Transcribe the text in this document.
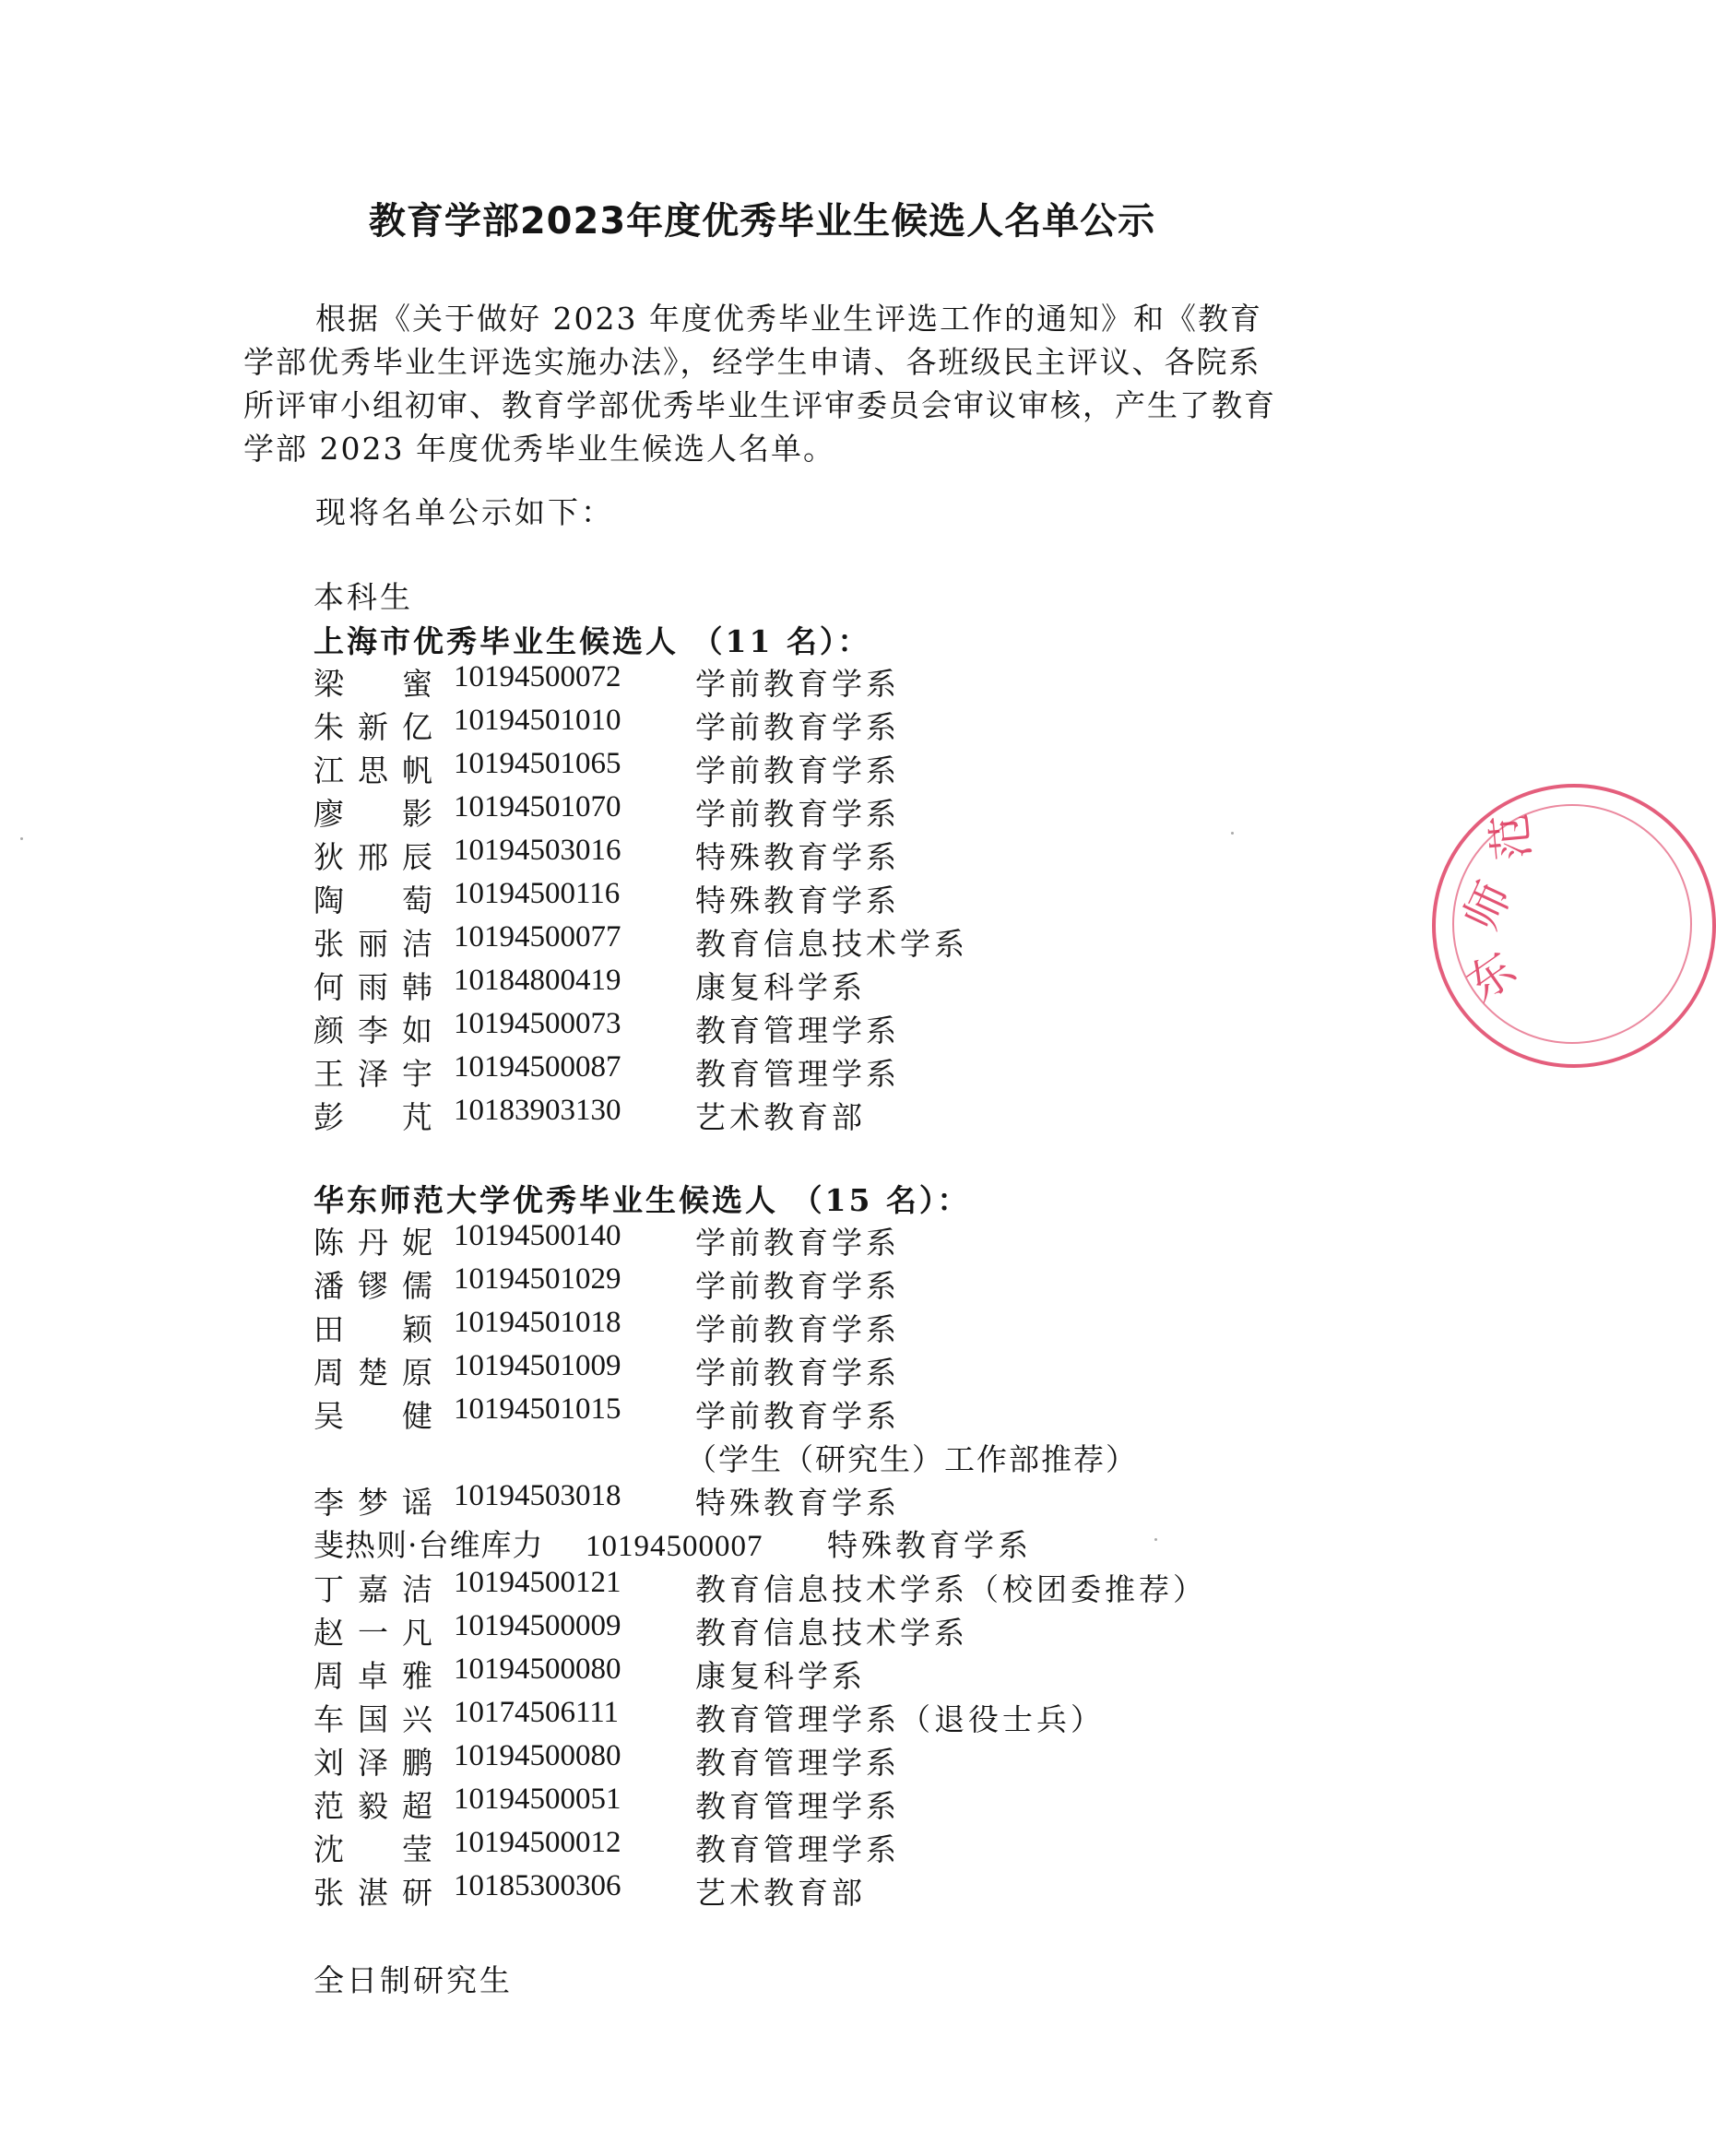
教育学部2023年度优秀毕业生候选人名单公示
根据《关于做好 2023 年度优秀毕业生评选工作的通知》和《教育学部优秀毕业生评选实施办法》，经学生申请、各班级民主评议、各院系所评审小组初审、教育学部优秀毕业生评审委员会审议审核，产生了教育学部 2023 年度优秀毕业生候选人名单。
现将名单公示如下：
本科生
上海市优秀毕业生候选人 （11 名）：
梁　蜜 10194500072 学前教育学系
朱新亿 10194501010 学前教育学系
江思帆 10194501065 学前教育学系
廖　影 10194501070 学前教育学系
狄邢辰 10194503016 特殊教育学系
陶　萄 10194500116 特殊教育学系
张丽洁 10194500077 教育信息技术学系
何雨韩 10184800419 康复科学系
颜李如 10194500073 教育管理学系
王泽宇 10194500087 教育管理学系
彭　芃 10183903130 艺术教育部
华东师范大学优秀毕业生候选人 （15 名）：
陈丹妮 10194500140 学前教育学系
潘镠儒 10194501029 学前教育学系
田　颖 10194501018 学前教育学系
周楚原 10194501009 学前教育学系
吴　健 10194501015 学前教育学系
（学生（研究生）工作部推荐）
李梦谣 10194503018 特殊教育学系
斐热则·台维库力 10194500007 特殊教育学系
丁嘉洁 10194500121 教育信息技术学系（校团委推荐）
赵一凡 10194500009 教育信息技术学系
周卓雅 10194500080 康复科学系
车国兴 10174506111	教育管理学系（退役士兵）
刘泽鹏 10194500080 教育管理学系
范毅超 10194500051 教育管理学系
沈　莹 10194500012 教育管理学系
张湛研 10185300306 艺术教育部
全日制研究生
东
师
范
